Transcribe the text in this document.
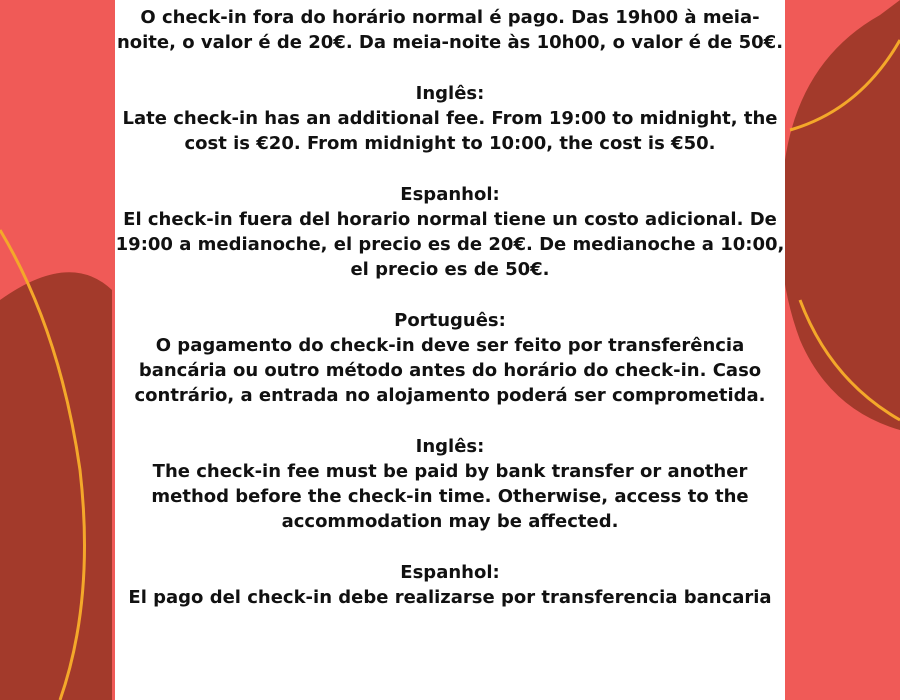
O check-in fora do horário normal é pago. Das 19h00 à meia-
noite, o valor é de 20€. Da meia-noite às 10h00, o valor é de 50€.
Inglês:
Late check-in has an additional fee. From 19:00 to midnight, the
cost is €20. From midnight to 10:00, the cost is €50.
Espanhol:
El check-in fuera del horario normal tiene un costo adicional. De
19:00 a medianoche, el precio es de 20€. De medianoche a 10:00,
el precio es de 50€.
Português:
O pagamento do check-in deve ser feito por transferência
bancária ou outro método antes do horário do check-in. Caso
contrário, a entrada no alojamento poderá ser comprometida.
Inglês:
The check-in fee must be paid by bank transfer or another
method before the check-in time. Otherwise, access to the
accommodation may be affected.
Espanhol:
El pago del check-in debe realizarse por transferencia bancaria
